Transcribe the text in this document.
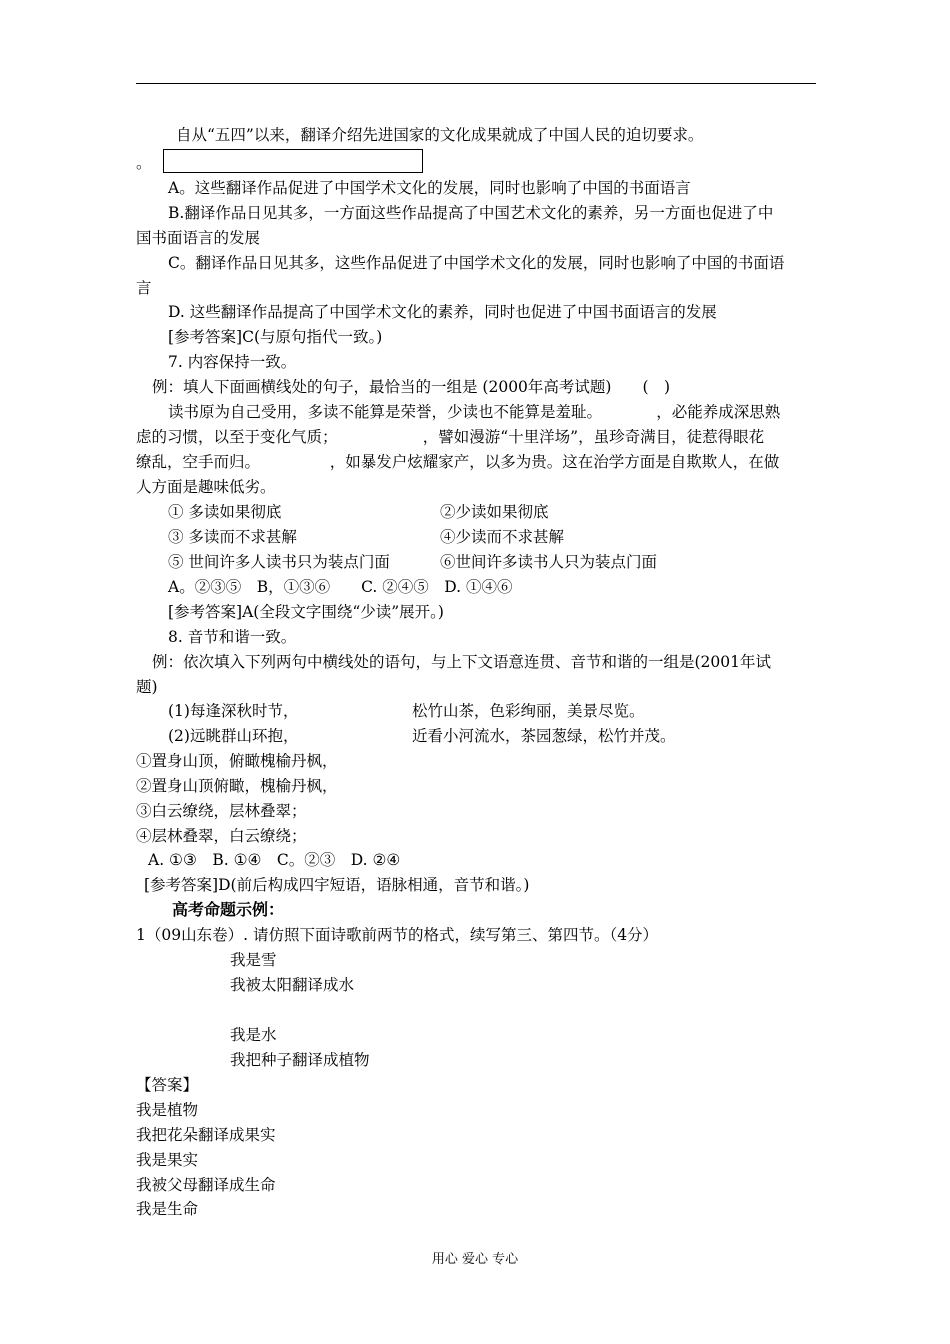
自从“五四”以来，翻译介绍先进国家的文化成果就成了中国人民的迫切要求。
。
A。这些翻译作品促进了中国学术文化的发展，同时也影响了中国的书面语言
B.翻译作品日见其多，一方面这些作品提高了中国艺术文化的素养，另一方面也促进了中
国书面语言的发展
C。翻译作品日见其多，这些作品促进了中国学术文化的发展，同时也影响了中国的书面语
言
D. 这些翻译作品提高了中国学术文化的素养，同时也促进了中国书面语言的发展
[参考答案]C(与原句指代一致。)
7. 内容保持一致。
例：填人下面画横线处的句子，最恰当的一组是 (2000年高考试题)　　(　)
读书原为自己受用，多读不能算是荣誉，少读也不能算是羞耻。　　　　，必能养成深思熟
虑的习惯，以至于变化气质；　　　　　　，譬如漫游“十里洋场”，虽珍奇满目，徒惹得眼花
缭乱，空手而归。　　　　　，如暴发户炫耀家产，以多为贵。这在治学方面是自欺欺人，在做
人方面是趣味低劣。
① 多读如果彻底	②少读如果彻底
③ 多读而不求甚解	④少读而不求甚解
⑤ 世间许多人读书只为装点门面	⑥世间许多读书人只为装点门面
A。②③⑤　B，①③⑥　　C. ②④⑤　D. ①④⑥
[参考答案]A(全段文字围绕“少读”展开。)
8. 音节和谐一致。
例：依次填入下列两句中横线处的语句，与上下文语意连贯、音节和谐的一组是(2001年试
题)
(1)每逢深秋时节，	松竹山茶，色彩绚丽，美景尽览。
(2)远眺群山环抱，	近看小河流水，茶园葱绿，松竹并茂。
①置身山顶，俯瞰槐榆丹枫，
②置身山顶俯瞰，槐榆丹枫，
③白云缭绕，层林叠翠；
④层林叠翠，白云缭绕；
A. ①③　B. ①④　C。②③　D. ②④
[参考答案]D(前后构成四宇短语，语脉相通，音节和谐。)
高考命题示例：
1（09山东卷）. 请仿照下面诗歌前两节的格式，续写第三、第四节。（4分）
我是雪
我被太阳翻译成水
我是水
我把种子翻译成植物
【答案】
我是植物
我把花朵翻译成果实
我是果实
我被父母翻译成生命
我是生命
用心 爱心 专心
